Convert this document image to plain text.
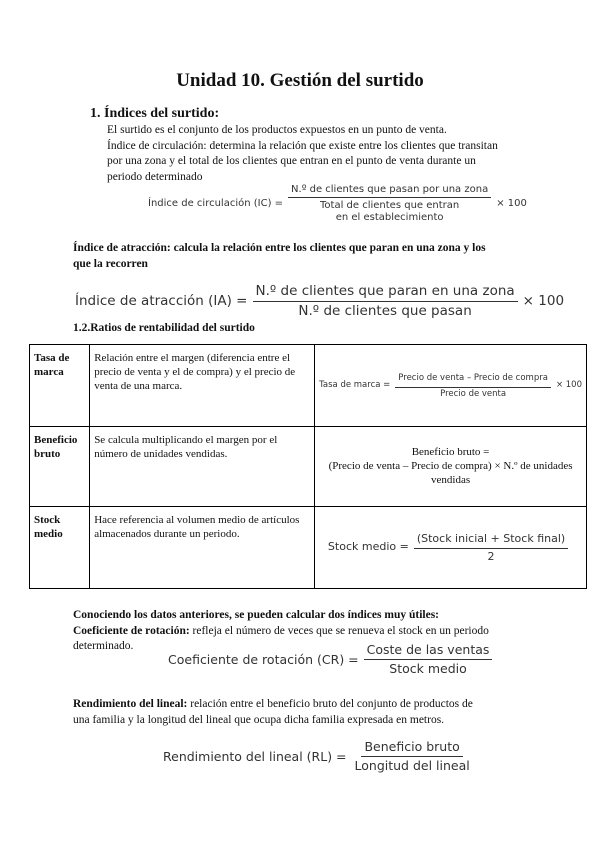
Unidad 10. Gestión del surtido
1. Índices del surtido:
El surtido es el conjunto de los productos expuestos en un punto de venta.
Índice de circulación: determina la relación que existe entre los clientes que transitan
por una zona y el total de los clientes que entran en el punto de venta durante un
periodo determinado
Índice de circulación (IC) =
N.º de clientes que pasan por una zona
Total de clientes que entran
en el establecimiento
× 100
Índice de atracción: calcula la relación entre los clientes que paran en una zona y los
que la recorren
Índice de atracción $(IA) = \frac{\text{N.º de clientes que paran en una zona}}{\text{N.º de clientes que pasan}} \times 100$
1.2.Ratios de rentabilidad del surtido
Tasa de marca	Relación entre el margen (diferencia entre el precio de venta y el de compra) y el precio de venta de una marca.	Tasa de marca = $\frac{\text{Precio de venta – Precio de compra}}{\text{Precio de venta}} \times 100$

Beneficio bruto	Se calcula multiplicando el margen por el número de unidades vendidas.	Beneficio bruto =
(Precio de venta – Precio de compra) × N.º de unidades vendidas

Stock medio	Hace referencia al volumen medio de artículos almacenados durante un periodo.	Stock medio = $\frac{\text{(Stock inicial + Stock final)}}{2}$
Conociendo los datos anteriores, se pueden calcular dos índices muy útiles:
Coeficiente de rotación: refleja el número de veces que se renueva el stock en un periodo
determinado.
Coeficiente de rotación $(CR) = \frac{\text{Coste de las ventas}}{\text{Stock medio}}$
Rendimiento del lineal: relación entre el beneficio bruto del conjunto de productos de
una familia y la longitud del lineal que ocupa dicha familia expresada en metros.
Rendimiento del lineal $(RL) = \frac{\text{Beneficio bruto}}{\text{Longitud del lineal}}$
